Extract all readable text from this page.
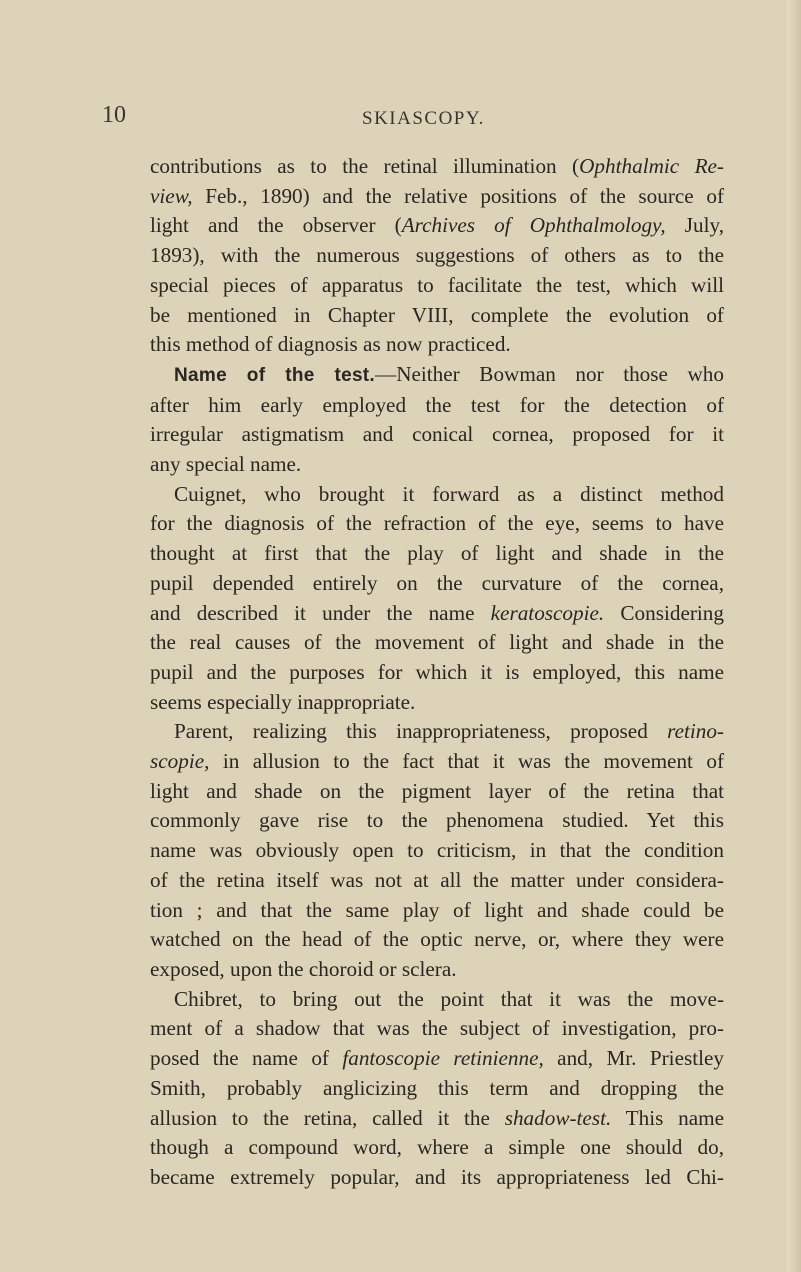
10	SKIASCOPY.
contributions as to the retinal illumination (Ophthalmic Re-
view, Feb., 1890) and the relative positions of the source of
light and the observer (Archives of Ophthalmology, July,
1893), with the numerous suggestions of others as to the
special pieces of apparatus to facilitate the test, which will
be mentioned in Chapter VIII, complete the evolution of
this method of diagnosis as now practiced.
Name of the test.—Neither Bowman nor those who
after him early employed the test for the detection of
irregular astigmatism and conical cornea, proposed for it
any special name.
Cuignet, who brought it forward as a distinct method
for the diagnosis of the refraction of the eye, seems to have
thought at first that the play of light and shade in the
pupil depended entirely on the curvature of the cornea,
and described it under the name keratoscopie. Considering
the real causes of the movement of light and shade in the
pupil and the purposes for which it is employed, this name
seems especially inappropriate.
Parent, realizing this inappropriateness, proposed retino-
scopie, in allusion to the fact that it was the movement of
light and shade on the pigment layer of the retina that
commonly gave rise to the phenomena studied. Yet this
name was obviously open to criticism, in that the condition
of the retina itself was not at all the matter under considera-
tion ; and that the same play of light and shade could be
watched on the head of the optic nerve, or, where they were
exposed, upon the choroid or sclera.
Chibret, to bring out the point that it was the move-
ment of a shadow that was the subject of investigation, pro-
posed the name of fantoscopie retinienne, and, Mr. Priestley
Smith, probably anglicizing this term and dropping the
allusion to the retina, called it the shadow-test. This name
though a compound word, where a simple one should do,
became extremely popular, and its appropriateness led Chi-
